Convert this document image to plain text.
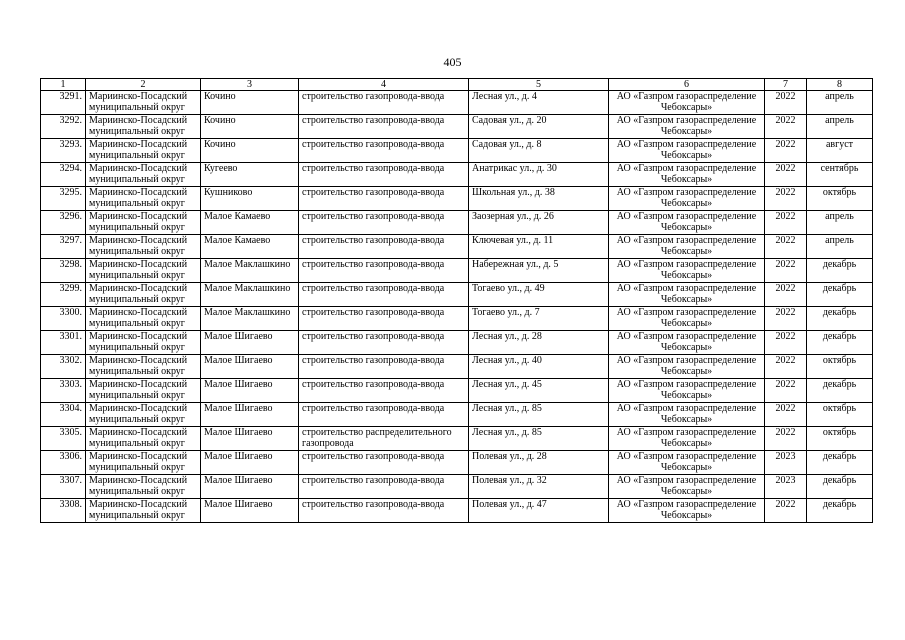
405
1	2	3	4	5	6	7	8
3291.	Мариинско-Посадский муниципальный округ	Кочино	строительство газопровода-ввода	Лесная ул., д. 4	АО «Газпром газораспределение Чебоксары»	2022	апрель
3292.	Мариинско-Посадский муниципальный округ	Кочино	строительство газопровода-ввода	Садовая ул., д. 20	АО «Газпром газораспределение Чебоксары»	2022	апрель
3293.	Мариинско-Посадский муниципальный округ	Кочино	строительство газопровода-ввода	Садовая ул., д. 8	АО «Газпром газораспределение Чебоксары»	2022	август
3294.	Мариинско-Посадский муниципальный округ	Кугеево	строительство газопровода-ввода	Анатрикас ул., д. 30	АО «Газпром газораспределение Чебоксары»	2022	сентябрь
3295.	Мариинско-Посадский муниципальный округ	Кушниково	строительство газопровода-ввода	Школьная ул., д. 38	АО «Газпром газораспределение Чебоксары»	2022	октябрь
3296.	Мариинско-Посадский муниципальный округ	Малое Камаево	строительство газопровода-ввода	Заозерная ул., д. 26	АО «Газпром газораспределение Чебоксары»	2022	апрель
3297.	Мариинско-Посадский муниципальный округ	Малое Камаево	строительство газопровода-ввода	Ключевая ул., д. 11	АО «Газпром газораспределение Чебоксары»	2022	апрель
3298.	Мариинско-Посадский муниципальный округ	Малое Маклашкино	строительство газопровода-ввода	Набережная ул., д. 5	АО «Газпром газораспределение Чебоксары»	2022	декабрь
3299.	Мариинско-Посадский муниципальный округ	Малое Маклашкино	строительство газопровода-ввода	Тогаево ул., д. 49	АО «Газпром газораспределение Чебоксары»	2022	декабрь
3300.	Мариинско-Посадский муниципальный округ	Малое Маклашкино	строительство газопровода-ввода	Тогаево ул., д. 7	АО «Газпром газораспределение Чебоксары»	2022	декабрь
3301.	Мариинско-Посадский муниципальный округ	Малое Шигаево	строительство газопровода-ввода	Лесная ул., д. 28	АО «Газпром газораспределение Чебоксары»	2022	декабрь
3302.	Мариинско-Посадский муниципальный округ	Малое Шигаево	строительство газопровода-ввода	Лесная ул., д. 40	АО «Газпром газораспределение Чебоксары»	2022	октябрь
3303.	Мариинско-Посадский муниципальный округ	Малое Шигаево	строительство газопровода-ввода	Лесная ул., д. 45	АО «Газпром газораспределение Чебоксары»	2022	декабрь
3304.	Мариинско-Посадский муниципальный округ	Малое Шигаево	строительство газопровода-ввода	Лесная ул., д. 85	АО «Газпром газораспределение Чебоксары»	2022	октябрь
3305.	Мариинско-Посадский муниципальный округ	Малое Шигаево	строительство распределительного газопровода	Лесная ул., д. 85	АО «Газпром газораспределение Чебоксары»	2022	октябрь
3306.	Мариинско-Посадский муниципальный округ	Малое Шигаево	строительство газопровода-ввода	Полевая ул., д. 28	АО «Газпром газораспределение Чебоксары»	2023	декабрь
3307.	Мариинско-Посадский муниципальный округ	Малое Шигаево	строительство газопровода-ввода	Полевая ул., д. 32	АО «Газпром газораспределение Чебоксары»	2023	декабрь
3308.	Мариинско-Посадский муниципальный округ	Малое Шигаево	строительство газопровода-ввода	Полевая ул., д. 47	АО «Газпром газораспределение Чебоксары»	2022	декабрь
